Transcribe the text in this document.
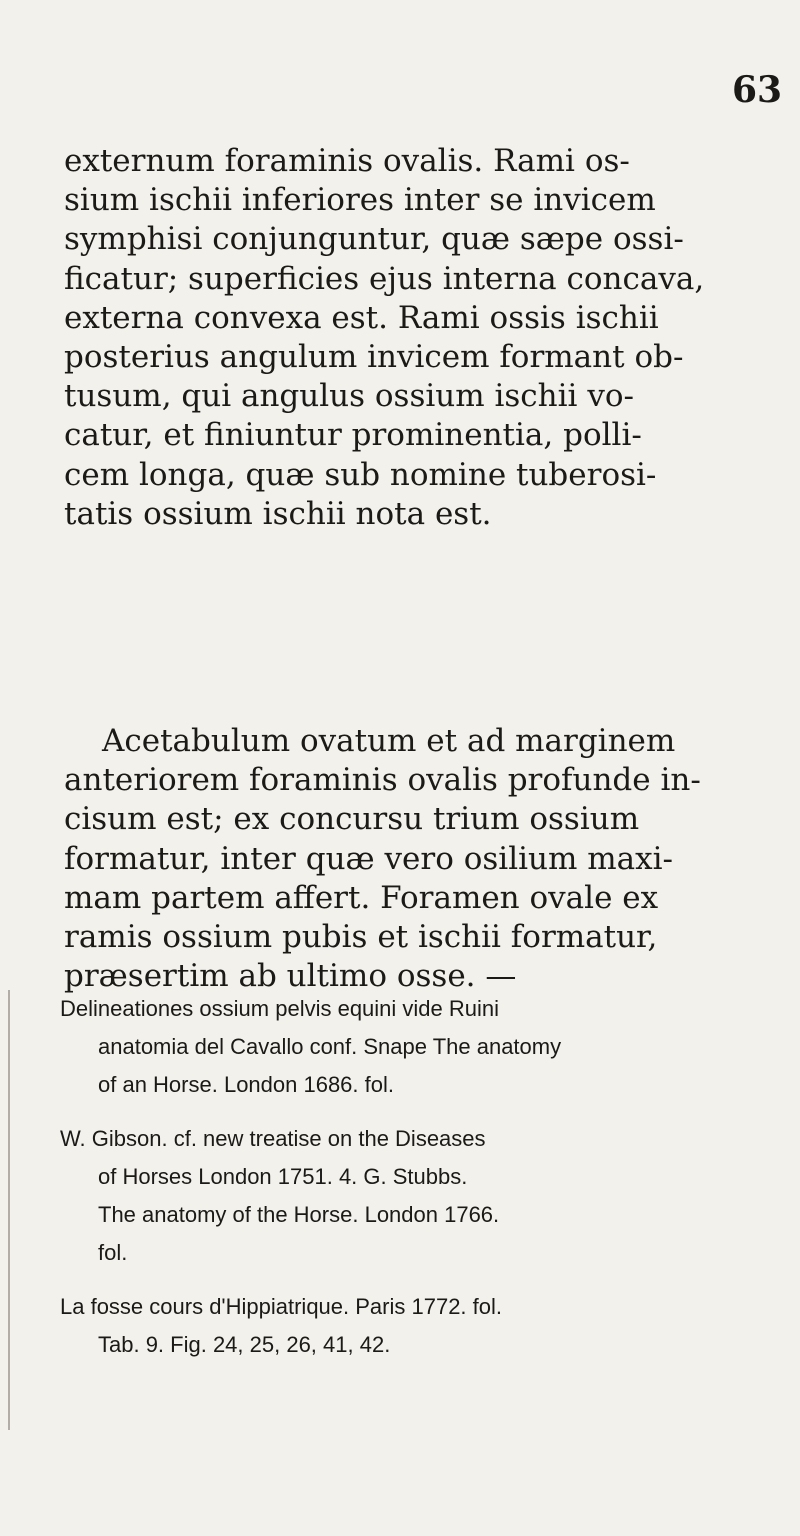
63

externum foraminis ovalis. Rami os-

sium ischii inferiores inter se invicem

symphisi conjunguntur, quæ sæpe ossi-

ficatur; superficies ejus interna concava,

externa convexa est. Rami ossis ischii

posterius angulum invicem formant ob-

tusum, qui angulus ossium ischii vo-

catur, et finiuntur prominentia, polli-

cem longa, quæ sub nomine tuberosi-

tatis ossium ischii nota est.

Acetabulum ovatum et ad marginem

anteriorem foraminis ovalis profunde in-

cisum est; ex concursu trium ossium

formatur, inter quæ vero osilium maxi-

mam partem affert. Foramen ovale ex

ramis ossium pubis et ischii formatur,

præsertim ab ultimo osse. —

Delineationes ossium pelvis equini vide Ruini

anatomia del Cavallo conf. Snape The anatomy

of an Horse. London 1686. fol.

W. Gibson. cf. new treatise on the Diseases

of Horses London 1751. 4. G. Stubbs.

The anatomy of the Horse. London 1766.

fol.

La fosse cours d'Hippiatrique. Paris 1772. fol.

Tab. 9. Fig. 24, 25, 26, 41, 42.
